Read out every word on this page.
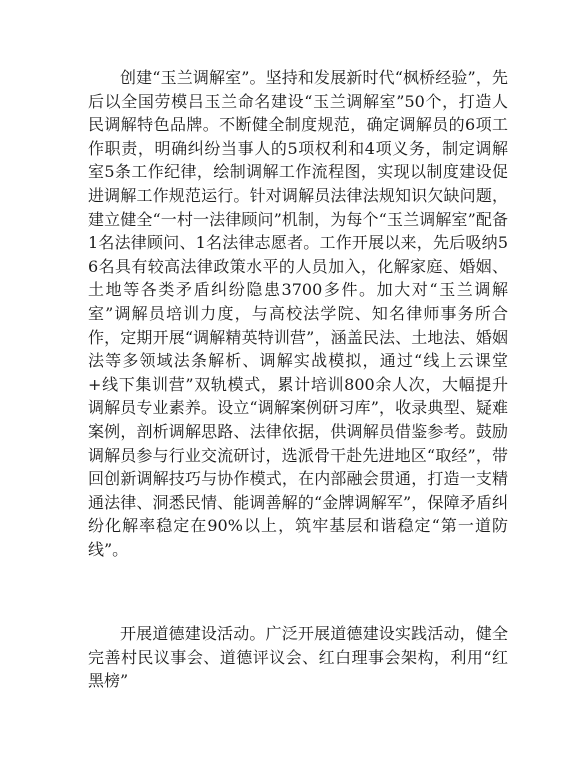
创建“玉兰调解室”。坚持和发展新时代“枫桥经验”，先后以全国劳模吕玉兰命名建设“玉兰调解室”50个，打造人民调解特色品牌。不断健全制度规范，确定调解员的6项工作职责，明确纠纷当事人的5项权利和4项义务，制定调解室5条工作纪律，绘制调解工作流程图，实现以制度建设促进调解工作规范运行。针对调解员法律法规知识欠缺问题，建立健全“一村一法律顾问”机制，为每个“玉兰调解室”配备1名法律顾问、1名法律志愿者。工作开展以来，先后吸纳56名具有较高法律政策水平的人员加入，化解家庭、婚姻、土地等各类矛盾纠纷隐患3700多件。加大对“玉兰调解室”调解员培训力度，与高校法学院、知名律师事务所合作，定期开展“调解精英特训营”，涵盖民法、土地法、婚姻法等多领域法条解析、调解实战模拟，通过“线上云课堂+线下集训营”双轨模式，累计培训800余人次，大幅提升调解员专业素养。设立“调解案例研习库”，收录典型、疑难案例，剖析调解思路、法律依据，供调解员借鉴参考。鼓励调解员参与行业交流研讨，选派骨干赴先进地区“取经”，带回创新调解技巧与协作模式，在内部融会贯通，打造一支精通法律、洞悉民情、能调善解的“金牌调解军”，保障矛盾纠纷化解率稳定在90%以上，筑牢基层和谐稳定“第一道防线”。

开展道德建设活动。广泛开展道德建设实践活动，健全完善村民议事会、道德评议会、红白理事会架构，利用“红黑榜”
